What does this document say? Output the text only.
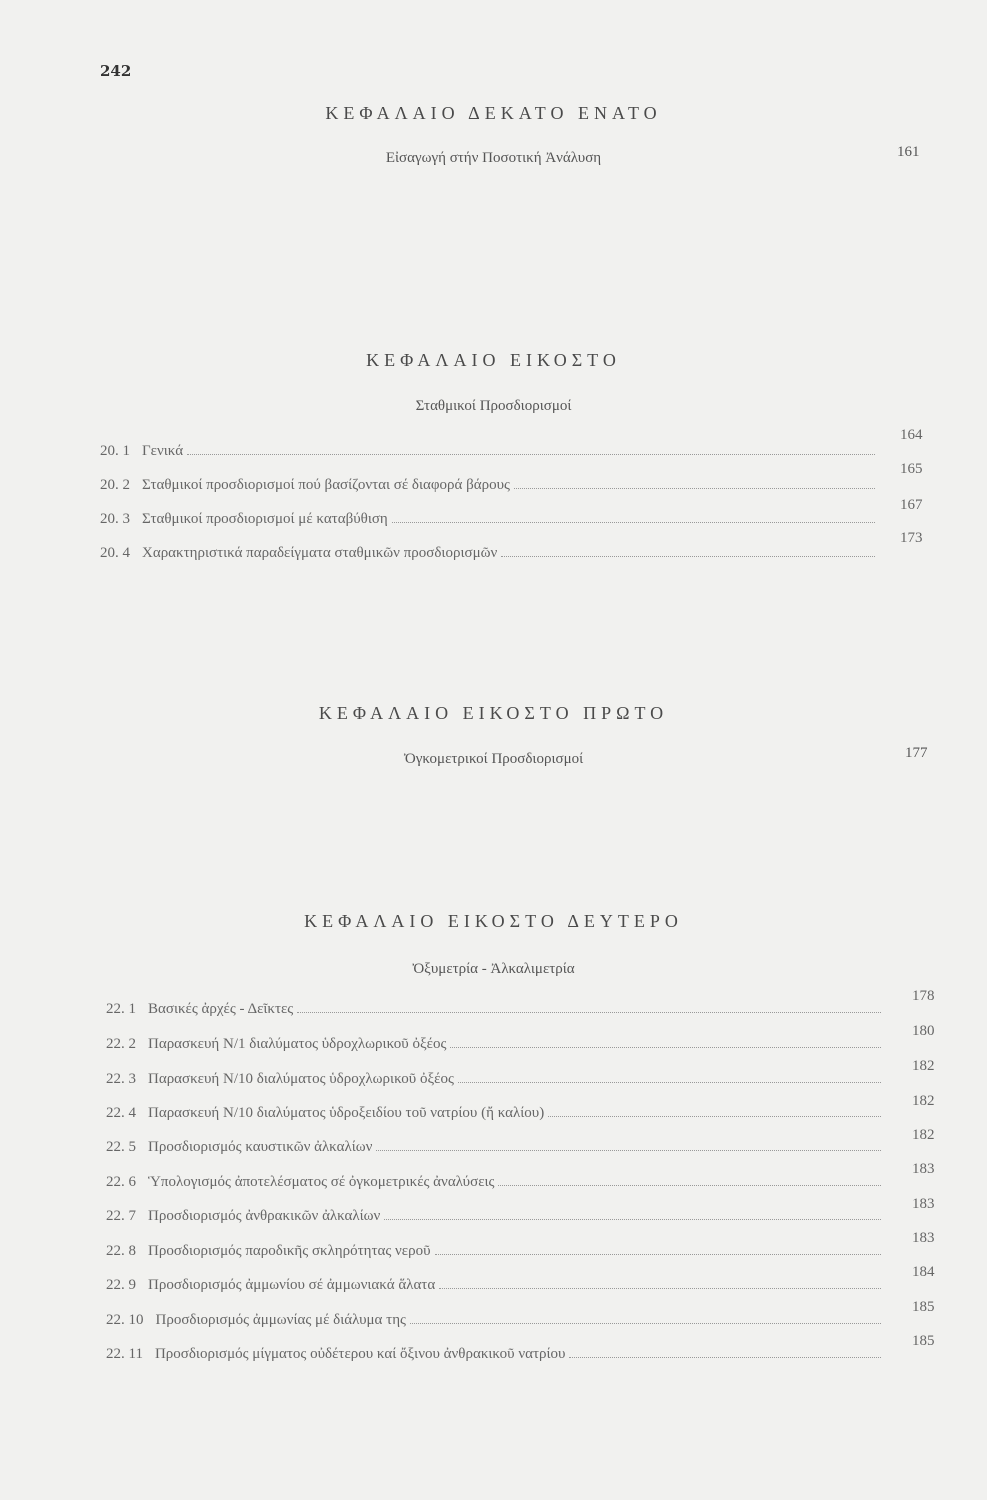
242
ΚΕΦΑΛΑΙΟ ΔΕΚΑΤΟ ΕΝΑΤΟ
Εἰσαγωγή στήν Ποσοτική Ἀνάλυση	161
ΚΕΦΑΛΑΙΟ ΕΙΚΟΣΤΟ
Σταθμικοί Προσδιορισμοί
20. 1 Γενικά
164
20. 2 Σταθμικοί προσδιορισμοί πού βασίζονται σέ διαφορά βάρους
165
20. 3 Σταθμικοί προσδιορισμοί μέ καταβύθιση
167
20. 4 Χαρακτηριστικά παραδείγματα σταθμικῶν προσδιορισμῶν
173
ΚΕΦΑΛΑΙΟ ΕΙΚΟΣΤΟ ΠΡΩΤΟ
Ὀγκομετρικοί Προσδιορισμοί	177
ΚΕΦΑΛΑΙΟ ΕΙΚΟΣΤΟ ΔΕΥΤΕΡΟ
Ὀξυμετρία - Ἀλκαλιμετρία
22. 1 Βασικές ἀρχές - Δεῖκτες
178
22. 2 Παρασκευή N/1 διαλύματος ὑδροχλωρικοῦ ὀξέος
180
22. 3 Παρασκευή N/10 διαλύματος ὑδροχλωρικοῦ ὀξέος
182
22. 4 Παρασκευή N/10 διαλύματος ὑδροξειδίου τοῦ νατρίου (ἤ καλίου)
182
22. 5 Προσδιορισμός καυστικῶν ἀλκαλίων
182
22. 6 Ὑπολογισμός ἀποτελέσματος σέ ὀγκομετρικές ἀναλύσεις
183
22. 7 Προσδιορισμός ἀνθρακικῶν ἀλκαλίων
183
22. 8 Προσδιορισμός παροδικῆς σκληρότητας νεροῦ
183
22. 9 Προσδιορισμός ἀμμωνίου σέ ἀμμωνιακά ἅλατα
184
22. 10 Προσδιορισμός ἀμμωνίας μέ διάλυμα της
185
22. 11 Προσδιορισμός μίγματος οὐδέτερου καί ὄξινου ἀνθρακικοῦ νατρίου
185
